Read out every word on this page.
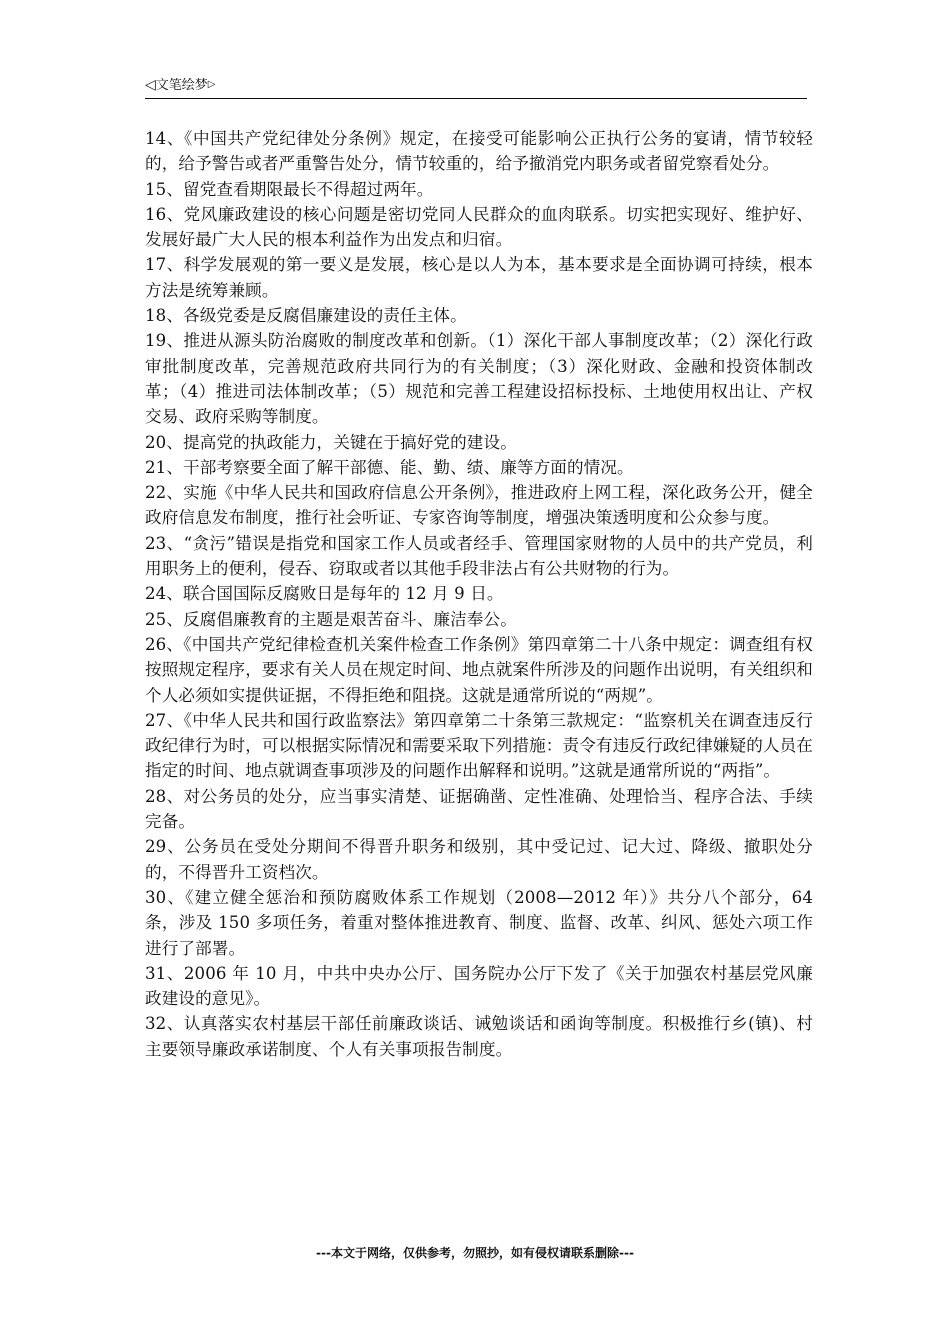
◁文笔绘梦▷

14、《中国共产党纪律处分条例》规定，在接受可能影响公正执行公务的宴请，情节较轻的，给予警告或者严重警告处分，情节较重的，给予撤消党内职务或者留党察看处分。

15、留党查看期限最长不得超过两年。

16、党风廉政建设的核心问题是密切党同人民群众的血肉联系。切实把实现好、维护好、发展好最广大人民的根本利益作为出发点和归宿。

17、科学发展观的第一要义是发展，核心是以人为本，基本要求是全面协调可持续，根本方法是统筹兼顾。

18、各级党委是反腐倡廉建设的责任主体。

19、推进从源头防治腐败的制度改革和创新。（1）深化干部人事制度改革；（2）深化行政审批制度改革，完善规范政府共同行为的有关制度；（3）深化财政、金融和投资体制改革；（4）推进司法体制改革；（5）规范和完善工程建设招标投标、土地使用权出让、产权交易、政府采购等制度。

20、提高党的执政能力，关键在于搞好党的建设。

21、干部考察要全面了解干部德、能、勤、绩、廉等方面的情况。

22、实施《中华人民共和国政府信息公开条例》，推进政府上网工程，深化政务公开，健全政府信息发布制度，推行社会听证、专家咨询等制度，增强决策透明度和公众参与度。

23、“贪污”错误是指党和国家工作人员或者经手、管理国家财物的人员中的共产党员，利用职务上的便利，侵吞、窃取或者以其他手段非法占有公共财物的行为。

24、联合国国际反腐败日是每年的 12 月 9 日。

25、反腐倡廉教育的主题是艰苦奋斗、廉洁奉公。

26、《中国共产党纪律检查机关案件检查工作条例》第四章第二十八条中规定：调查组有权按照规定程序，要求有关人员在规定时间、地点就案件所涉及的问题作出说明，有关组织和个人必须如实提供证据，不得拒绝和阻挠。这就是通常所说的“两规”。

27、《中华人民共和国行政监察法》第四章第二十条第三款规定：“监察机关在调查违反行政纪律行为时，可以根据实际情况和需要采取下列措施：责令有违反行政纪律嫌疑的人员在指定的时间、地点就调查事项涉及的问题作出解释和说明。”这就是通常所说的“两指”。

28、对公务员的处分，应当事实清楚、证据确凿、定性准确、处理恰当、程序合法、手续完备。

29、公务员在受处分期间不得晋升职务和级别，其中受记过、记大过、降级、撤职处分的，不得晋升工资档次。

30、《建立健全惩治和预防腐败体系工作规划（2008—2012 年）》共分八个部分，64 条，涉及 150 多项任务，着重对整体推进教育、制度、监督、改革、纠风、惩处六项工作进行了部署。

31、2006 年 10 月，中共中央办公厅、国务院办公厅下发了《关于加强农村基层党风廉政建设的意见》。

32、认真落实农村基层干部任前廉政谈话、诫勉谈话和函询等制度。积极推行乡(镇)、村主要领导廉政承诺制度、个人有关事项报告制度。

---本文于网络，仅供参考，勿照抄，如有侵权请联系删除---
